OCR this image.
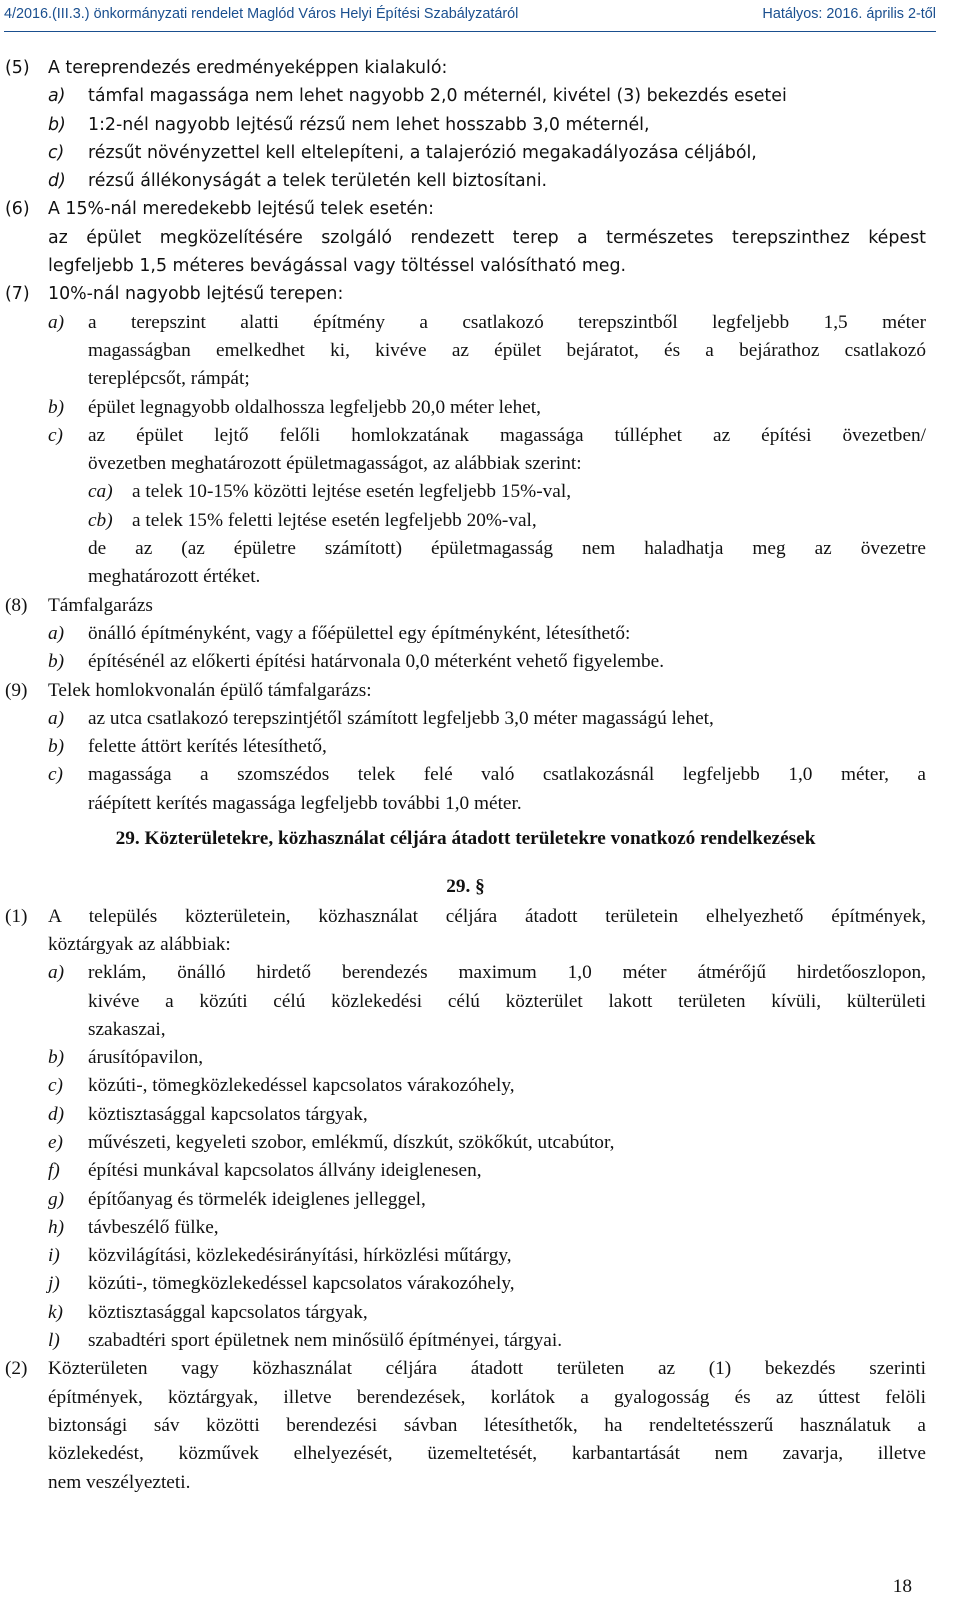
4/2016.(III.3.) önkormányzati rendelet Maglód Város Helyi Építési Szabályzatáról	Hatályos: 2016. április 2-től
(5) A tereprendezés eredményeképpen kialakuló:
a) támfal magassága nem lehet nagyobb 2,0 méternél, kivétel (3) bekezdés esetei
b) 1:2-nél nagyobb lejtésű rézsű nem lehet hosszabb 3,0 méternél,
c) rézsűt növényzettel kell eltelepíteni, a talajerózió megakadályozása céljából,
d) rézsű állékonyságát a telek területén kell biztosítani.
(6) A 15%-nál meredekebb lejtésű telek esetén:
az épület megközelítésére szolgáló rendezett terep a természetes terepszinthez képest
legfeljebb 1,5 méteres bevágással vagy töltéssel valósítható meg.
(7) 10%-nál nagyobb lejtésű terepen:
a) a terepszint alatti építmény a csatlakozó terepszintből legfeljebb 1,5 méter
magasságban emelkedhet ki, kivéve az épület bejáratot, és a bejárathoz csatlakozó
tereplépcsőt, rámpát;
b) épület legnagyobb oldalhossza legfeljebb 20,0 méter lehet,
c) az épület lejtő felőli homlokzatának magassága túlléphet az építési övezetben/
övezetben meghatározott épületmagasságot, az alábbiak szerint:
ca) a telek 10-15% közötti lejtése esetén legfeljebb 15%-val,
cb) a telek 15% feletti lejtése esetén legfeljebb 20%-val,
de az (az épületre számított) épületmagasság nem haladhatja meg az övezetre
meghatározott értéket.
(8) Támfalgarázs
a) önálló építményként, vagy a főépülettel egy építményként, létesíthető:
b) építésénél az előkerti építési határvonala 0,0 méterként vehető figyelembe.
(9) Telek homlokvonalán épülő támfalgarázs:
a) az utca csatlakozó terepszintjétől számított legfeljebb 3,0 méter magasságú lehet,
b) felette áttört kerítés létesíthető,
c) magassága a szomszédos telek felé való csatlakozásnál legfeljebb 1,0 méter, a
ráépített kerítés magassága legfeljebb további 1,0 méter.
29. Közterületekre, közhasználat céljára átadott területekre vonatkozó rendelkezések
29. §
(1) A település közterületein, közhasználat céljára átadott területein elhelyezhető építmények,
köztárgyak az alábbiak:
a) reklám, önálló hirdető berendezés maximum 1,0 méter átmérőjű hirdetőoszlopon,
kivéve a közúti célú közlekedési célú közterület lakott területen kívüli, külterületi
szakaszai,
b) árusítópavilon,
c) közúti-, tömegközlekedéssel kapcsolatos várakozóhely,
d) köztisztasággal kapcsolatos tárgyak,
e) művészeti, kegyeleti szobor, emlékmű, díszkút, szökőkút, utcabútor,
f) építési munkával kapcsolatos állvány ideiglenesen,
g) építőanyag és törmelék ideiglenes jelleggel,
h) távbeszélő fülke,
i) közvilágítási, közlekedésirányítási, hírközlési műtárgy,
j) közúti-, tömegközlekedéssel kapcsolatos várakozóhely,
k) köztisztasággal kapcsolatos tárgyak,
l) szabadtéri sport épületnek nem minősülő építményei, tárgyai.
(2) Közterületen vagy közhasználat céljára átadott területen az (1) bekezdés szerinti
építmények, köztárgyak, illetve berendezések, korlátok a gyalogosság és az úttest felöli
biztonsági sáv közötti berendezési sávban létesíthetők, ha rendeltetésszerű használatuk a
közlekedést, közművek elhelyezését, üzemeltetését, karbantartását nem zavarja, illetve
nem veszélyezteti.
18
